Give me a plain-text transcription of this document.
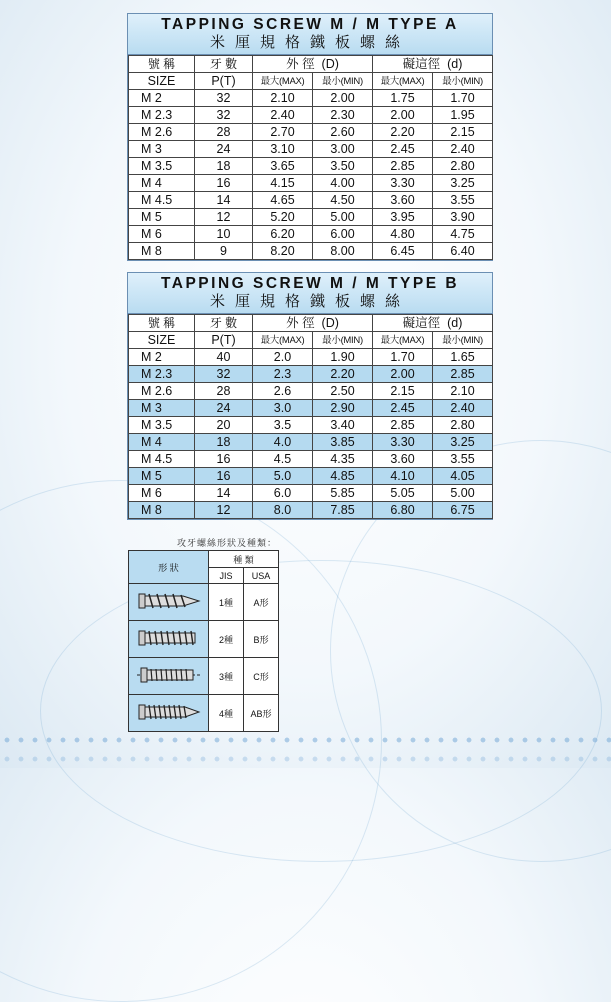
TAPPING SCREW M / M TYPE A
米厘規格鐵板螺絲
號 稱	牙 數	外 徑 (D)		礙這徑 (d)	
SIZE	P(T)	最大(MAX)	最小(MIN)	最大(MAX)	最小(MIN)
M 2	32	2.10	2.00	1.75	1.70
M 2.3	32	2.40	2.30	2.00	1.95
M 2.6	28	2.70	2.60	2.20	2.15
M 3	24	3.10	3.00	2.45	2.40
M 3.5	18	3.65	3.50	2.85	2.80
M 4	16	4.15	4.00	3.30	3.25
M 4.5	14	4.65	4.50	3.60	3.55
M 5	12	5.20	5.00	3.95	3.90
M 6	10	6.20	6.00	4.80	4.75
M 8	9	8.20	8.00	6.45	6.40
TAPPING SCREW M / M TYPE B
米厘規格鐵板螺絲
號 稱	牙 數	外 徑 (D)		礙這徑 (d)	
SIZE	P(T)	最大(MAX)	最小(MIN)	最大(MAX)	最小(MIN)
M 2	40	2.0	1.90	1.70	1.65
M 2.3	32	2.3	2.20	2.00	2.85
M 2.6	28	2.6	2.50	2.15	2.10
M 3	24	3.0	2.90	2.45	2.40
M 3.5	20	3.5	3.40	2.85	2.80
M 4	18	4.0	3.85	3.30	3.25
M 4.5	16	4.5	4.35	3.60	3.55
M 5	16	5.0	4.85	4.10	4.05
M 6	14	6.0	5.85	5.05	5.00
M 8	12	8.0	7.85	6.80	6.75
攻牙螺絲形狀及種類：
形 狀	種 類	
	JIS	USA
	1種	A形
	2種	B形
	3種	C形
	4種	AB形
